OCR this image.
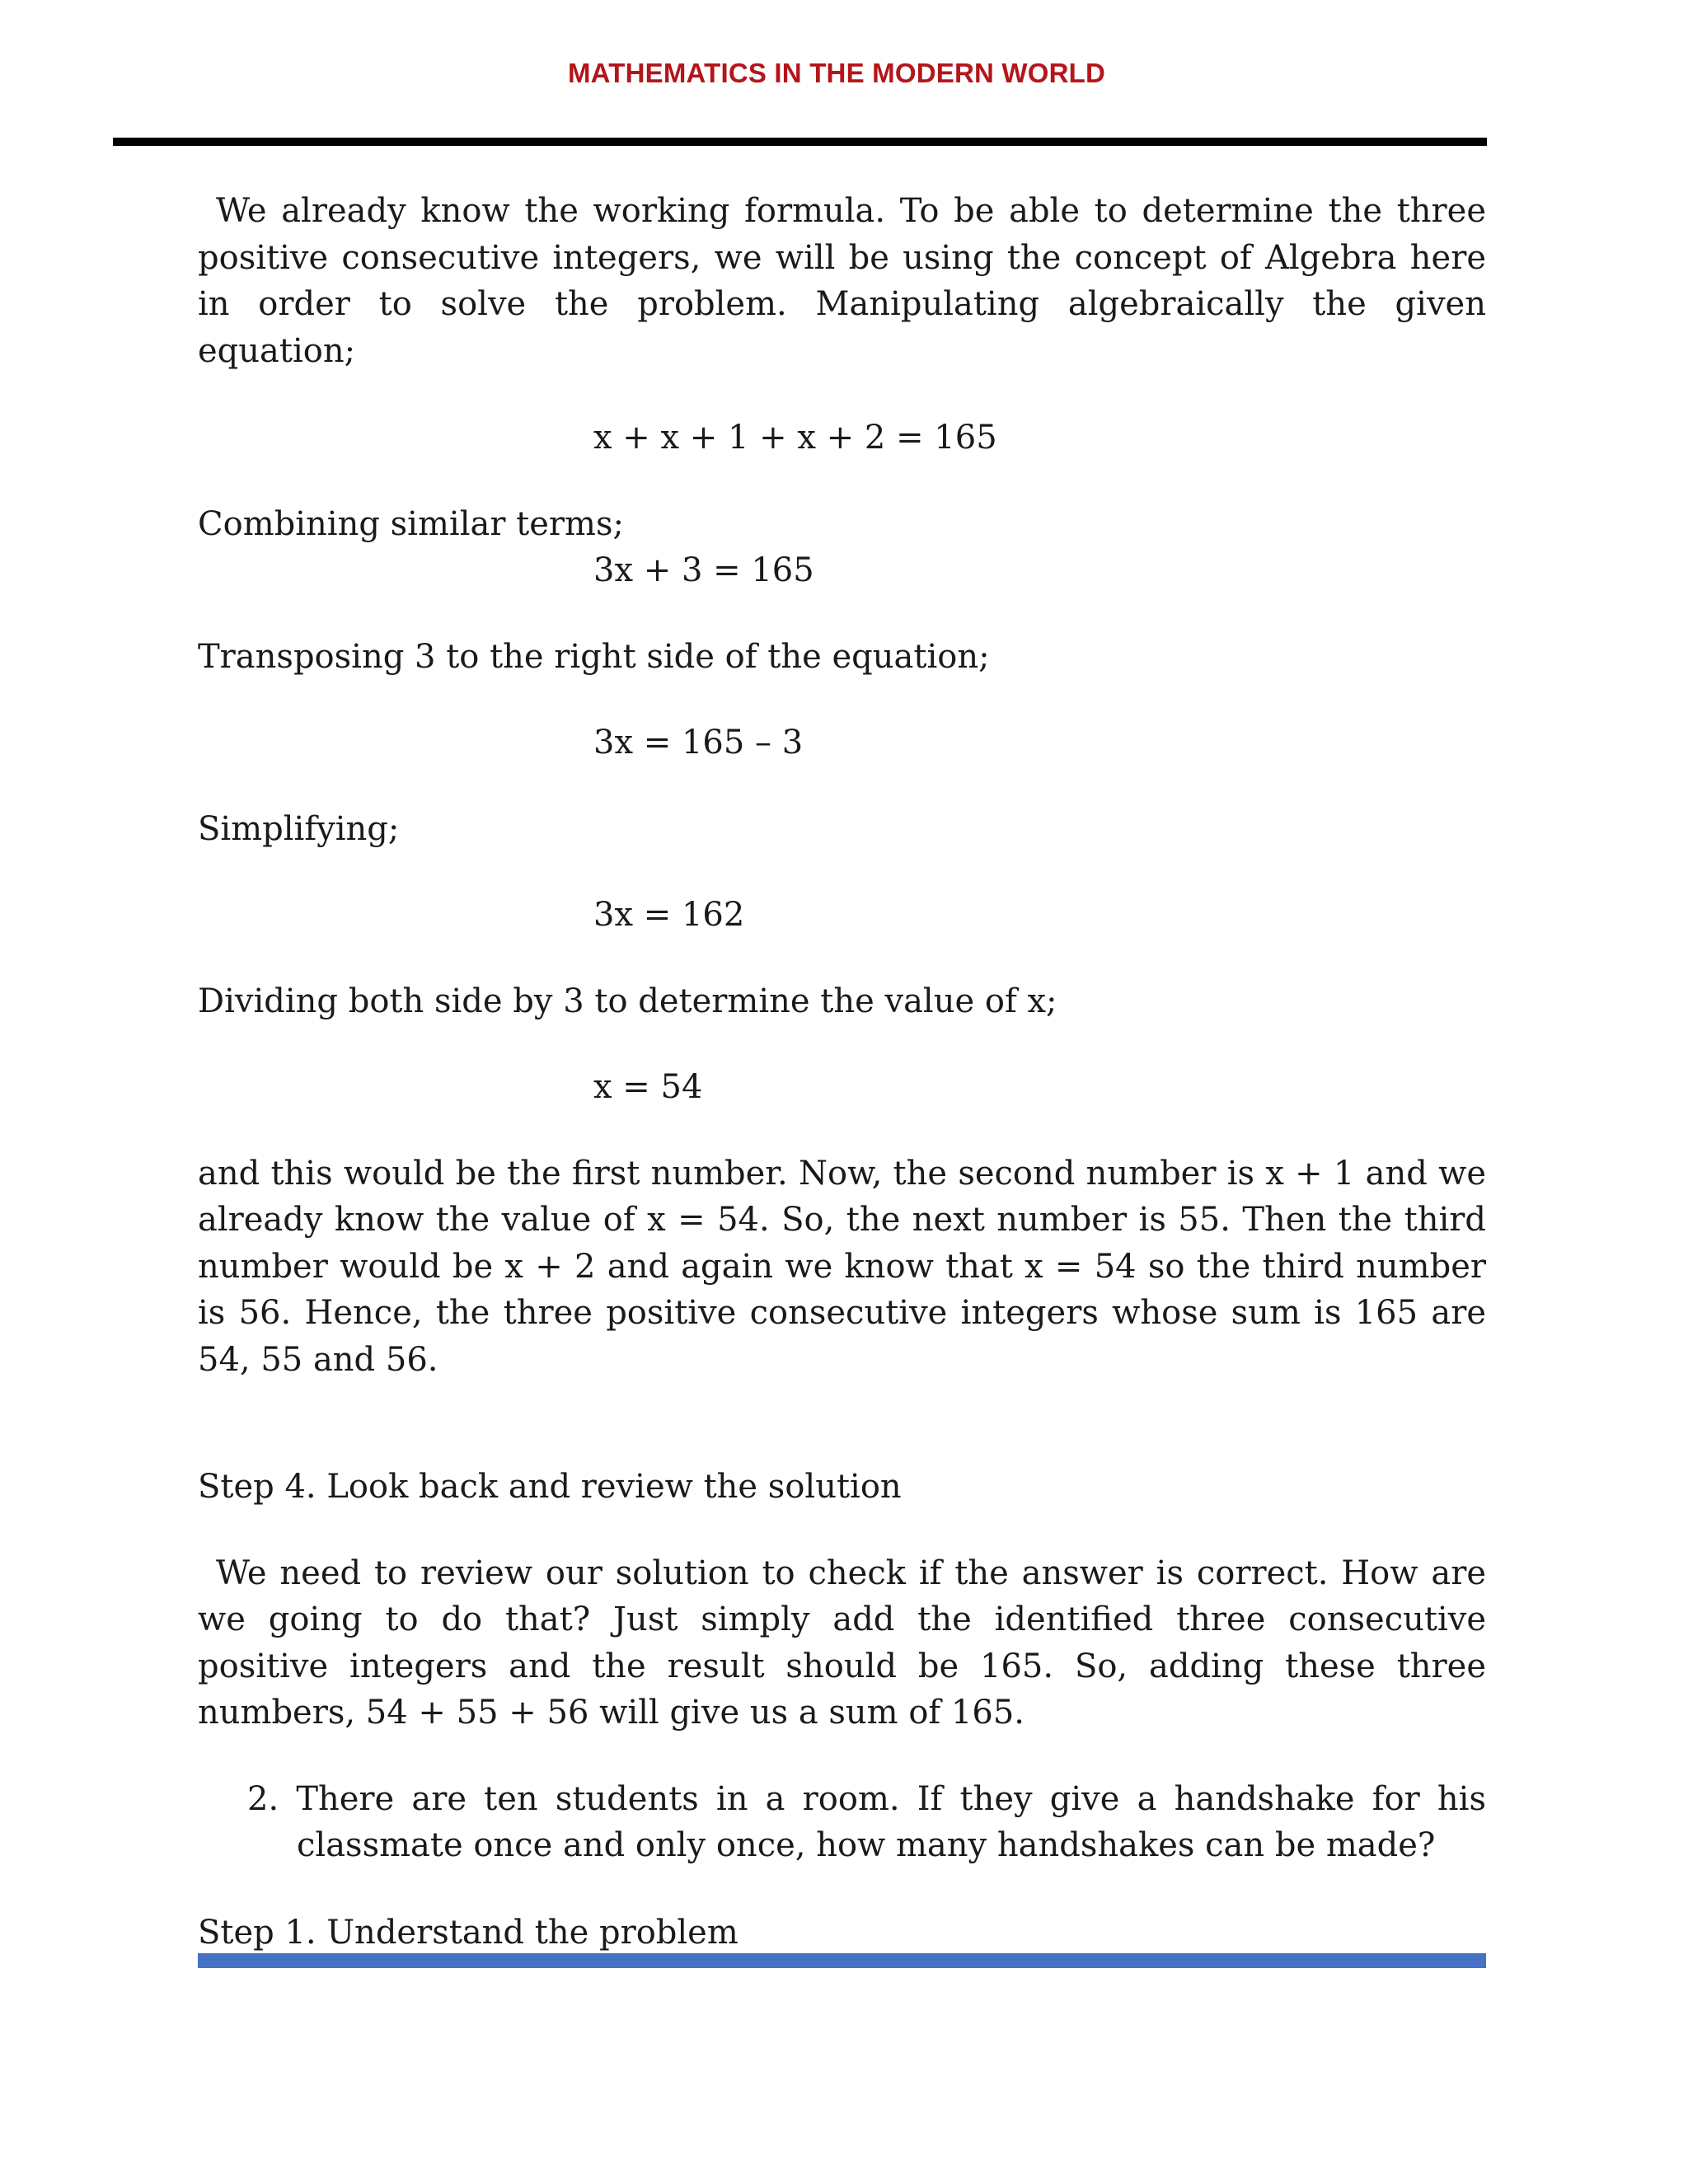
MATHEMATICS IN THE MODERN WORLD

We already know the working formula. To be able to determine the three positive consecutive integers, we will be using the concept of Algebra here in order to solve the problem. Manipulating algebraically the given equation;

x + x + 1 + x + 2 = 165

Combining similar terms;

3x + 3 = 165

Transposing 3 to the right side of the equation;

3x = 165 – 3

Simplifying;

3x = 162

Dividing both side by 3 to determine the value of x;

x = 54

and this would be the first number. Now, the second number is x + 1 and we already know the value of x = 54. So, the next number is 55. Then the third number would be x + 2 and again we know that x = 54 so the third number is 56. Hence, the three positive consecutive integers whose sum is 165 are 54, 55 and 56.

Step 4. Look back and review the solution

We need to review our solution to check if the answer is correct. How are we going to do that? Just simply add the identified three consecutive positive integers and the result should be 165. So, adding these three numbers, 54 + 55 + 56 will give us a sum of 165.

2. There are ten students in a room. If they give a handshake for his classmate once and only once, how many handshakes can be made?

Step 1. Understand the problem
